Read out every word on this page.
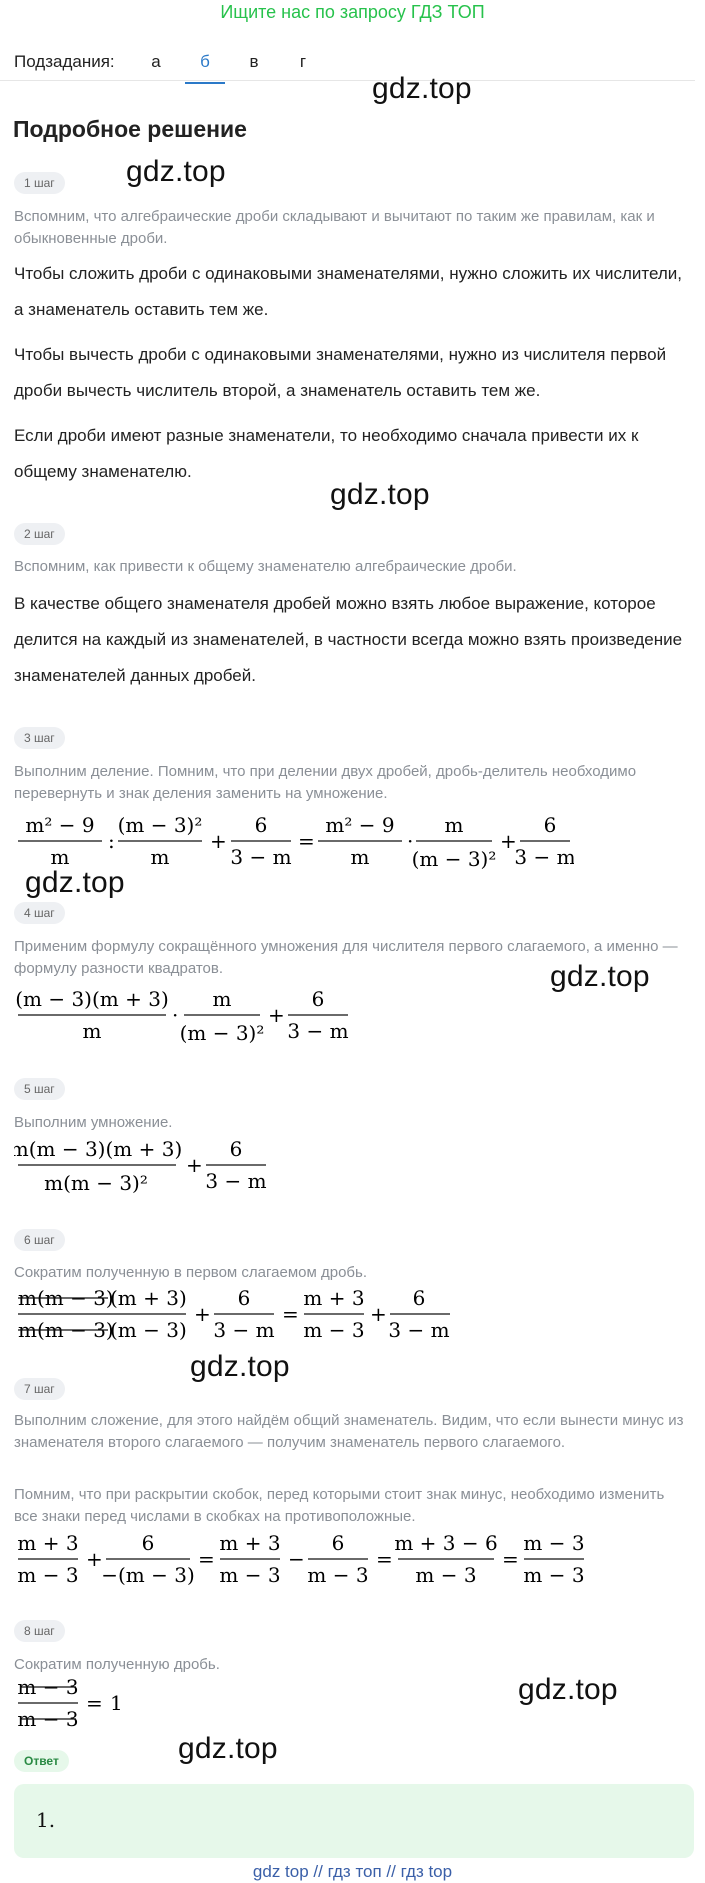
Ищите нас по запросу ГДЗ ТОП
Подзадания:	а	б	в	г
gdz.top
gdz.top
gdz.top
gdz.top
gdz.top
gdz.top
gdz.top
gdz.top
Подробное решение
1 шаг
Вспомним, что алгебраические дроби складывают и вычитают по таким же правилам, как и обыкновенные дроби.
Чтобы сложить дроби с одинаковыми знаменателями, нужно сложить их числители, а знаменатель оставить тем же.
Чтобы вычесть дроби с одинаковыми знаменателями, нужно из числителя первой дроби вычесть числитель второй, а знаменатель оставить тем же.
Если дроби имеют разные знаменатели, то необходимо сначала привести их к общему знаменателю.
2 шаг
Вспомним, как привести к общему знаменателю алгебраические дроби.
В качестве общего знаменателя дробей можно взять любое выражение, которое делится на каждый из знаменателей, в частности всегда можно взять произведение знаменателей данных дробей.
3 шаг
Выполним деление. Помним, что при делении двух дробей, дробь-делитель необходимо перевернуть и знак деления заменить на умножение.
m² − 9
m
:
(m − 3)²
m
+
6
3 − m
=
m² − 9
m
·
m
(m − 3)²
+
6
3 − m
4 шаг
Применим формулу сокращённого умножения для числителя первого слагаемого, а именно — формулу разности квадратов.
(m − 3)(m + 3)
m
·
m
(m − 3)²
+
6
3 − m
5 шаг
Выполним умножение.
m(m − 3)(m + 3)
m(m − 3)²
+
6
3 − m
6 шаг
Сократим полученную в первом слагаемом дробь.
m(m − 3)
(m + 3)
m(m − 3)
(m − 3)
+
6
3 − m
=
m + 3
m − 3
+
6
3 − m
7 шаг
Выполним сложение, для этого найдём общий знаменатель. Видим, что если вынести минус из знаменателя второго слагаемого — получим знаменатель первого слагаемого.
Помним, что при раскрытии скобок, перед которыми стоит знак минус, необходимо изменить все знаки перед числами в скобках на противоположные.
m + 3
m − 3
+
6
−(m − 3)
=
m + 3
m − 3
−
6
m − 3
=
m + 3 − 6
m − 3
=
m − 3
m − 3
8 шаг
Сократим полученную дробь.
m − 3
m − 3
= 1
Ответ
1.
gdz top // гдз топ // гдз top
